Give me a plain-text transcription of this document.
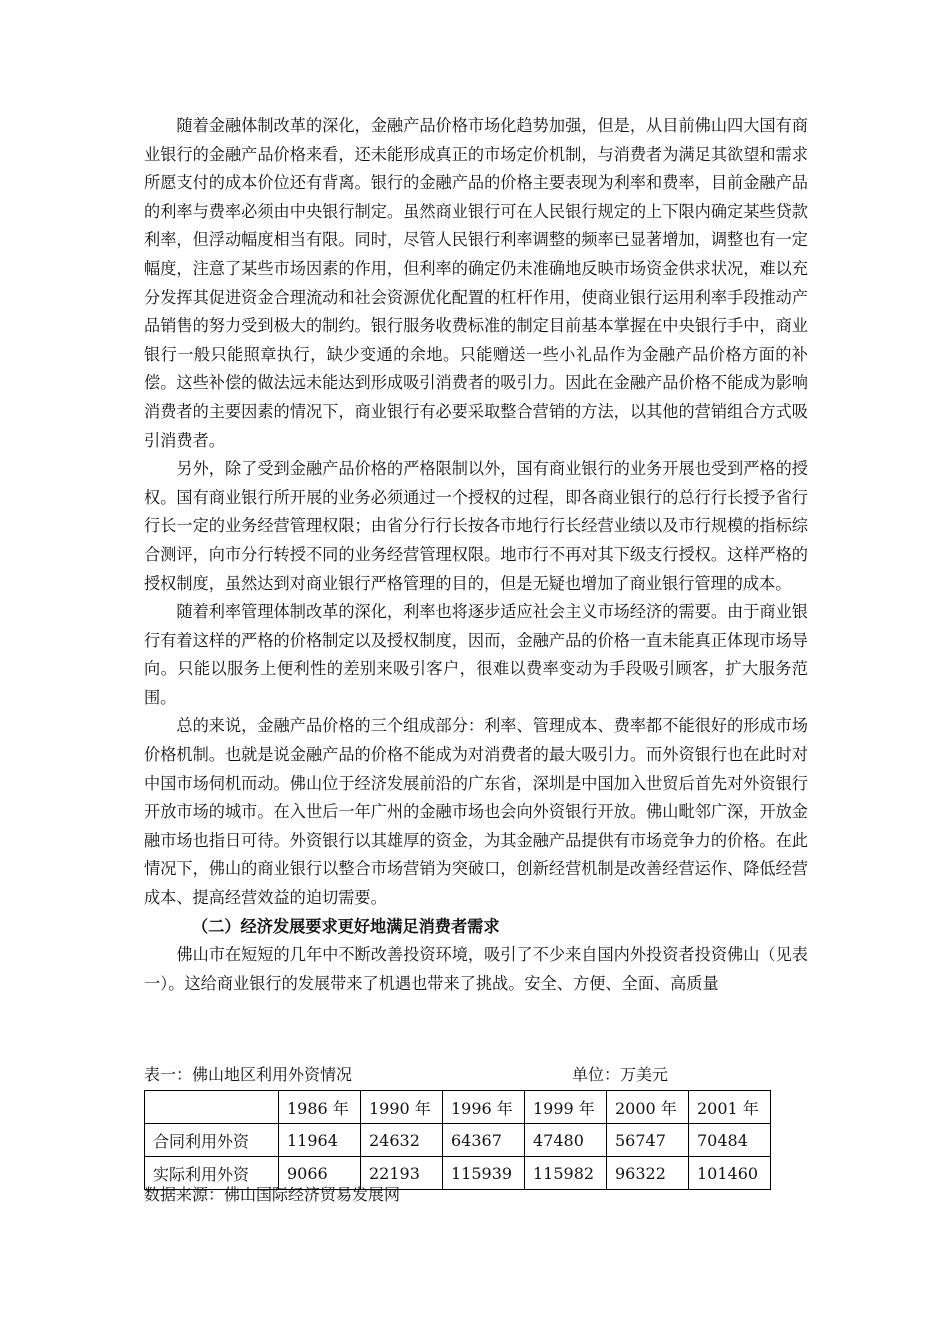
随着金融体制改革的深化，金融产品价格市场化趋势加强，但是，从目前佛山四大国有商业银行的金融产品价格来看，还未能形成真正的市场定价机制，与消费者为满足其欲望和需求所愿支付的成本价位还有背离。银行的金融产品的价格主要表现为利率和费率，目前金融产品的利率与费率必须由中央银行制定。虽然商业银行可在人民银行规定的上下限内确定某些贷款利率，但浮动幅度相当有限。同时，尽管人民银行利率调整的频率已显著增加，调整也有一定幅度，注意了某些市场因素的作用，但利率的确定仍未准确地反映市场资金供求状况，难以充分发挥其促进资金合理流动和社会资源优化配置的杠杆作用，使商业银行运用利率手段推动产品销售的努力受到极大的制约。银行服务收费标准的制定目前基本掌握在中央银行手中，商业银行一般只能照章执行，缺少变通的余地。只能赠送一些小礼品作为金融产品价格方面的补偿。这些补偿的做法远未能达到形成吸引消费者的吸引力。因此在金融产品价格不能成为影响消费者的主要因素的情况下，商业银行有必要采取整合营销的方法，以其他的营销组合方式吸引消费者。

另外，除了受到金融产品价格的严格限制以外，国有商业银行的业务开展也受到严格的授权。国有商业银行所开展的业务必须通过一个授权的过程，即各商业银行的总行行长授予省行行长一定的业务经营管理权限；由省分行行长按各市地行行长经营业绩以及市行规模的指标综合测评，向市分行转授不同的业务经营管理权限。地市行不再对其下级支行授权。这样严格的授权制度，虽然达到对商业银行严格管理的目的，但是无疑也增加了商业银行管理的成本。

随着利率管理体制改革的深化，利率也将逐步适应社会主义市场经济的需要。由于商业银行有着这样的严格的价格制定以及授权制度，因而，金融产品的价格一直未能真正体现市场导向。只能以服务上便利性的差别来吸引客户，很难以费率变动为手段吸引顾客，扩大服务范围。

总的来说，金融产品价格的三个组成部分：利率、管理成本、费率都不能很好的形成市场价格机制。也就是说金融产品的价格不能成为对消费者的最大吸引力。而外资银行也在此时对中国市场伺机而动。佛山位于经济发展前沿的广东省，深圳是中国加入世贸后首先对外资银行开放市场的城市。在入世后一年广州的金融市场也会向外资银行开放。佛山毗邻广深，开放金融市场也指日可待。外资银行以其雄厚的资金，为其金融产品提供有市场竞争力的价格。在此情况下，佛山的商业银行以整合市场营销为突破口，创新经营机制是改善经营运作、降低经营成本、提高经营效益的迫切需要。

（二）经济发展要求更好地满足消费者需求

佛山市在短短的几年中不断改善投资环境，吸引了不少来自国内外投资者投资佛山（见表一）。这给商业银行的发展带来了机遇也带来了挑战。安全、方便、全面、高质量

表一：佛山地区利用外资情况	单位：万美元
	1986 年	1990 年	1996 年	1999 年	2000 年	2001 年
合同利用外资	11964	24632	64367	47480	56747	70484
实际利用外资	9066	22193	115939	115982	96322	101460
数据来源：佛山国际经济贸易发展网
